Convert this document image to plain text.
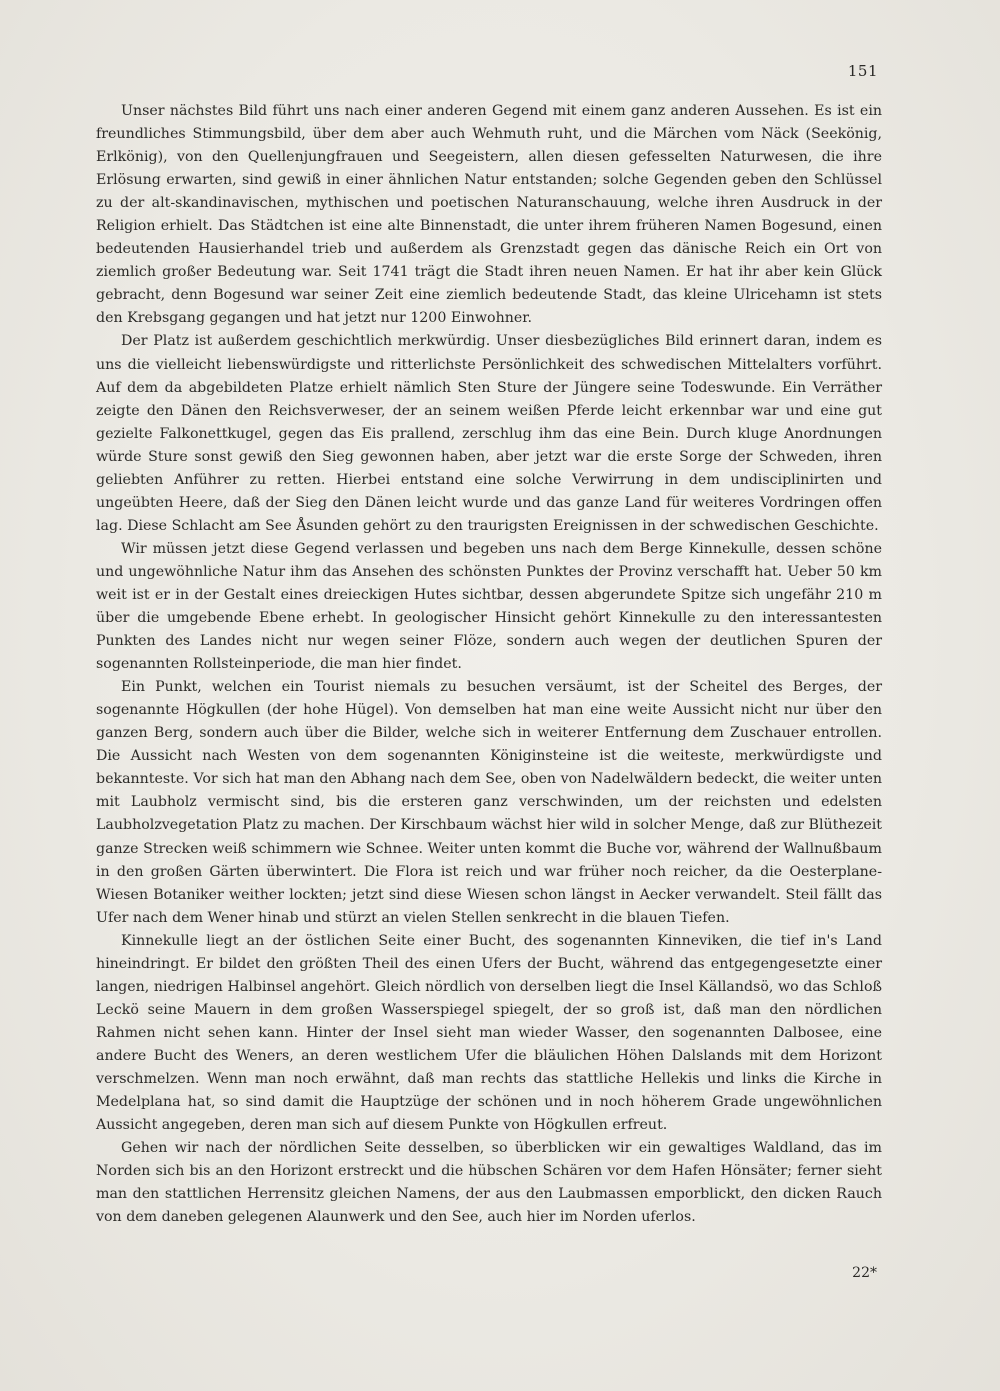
151

Unser nächstes Bild führt uns nach einer anderen Gegend mit einem ganz anderen Aussehen. Es ist ein freundliches Stimmungsbild, über dem aber auch Wehmuth ruht, und die Märchen vom Näck (Seekönig, Erlkönig), von den Quellenjungfrauen und Seegeistern, allen diesen gefesselten Naturwesen, die ihre Erlösung erwarten, sind gewiß in einer ähnlichen Natur entstanden; solche Gegenden geben den Schlüssel zu der alt-skandinavischen, mythischen und poetischen Naturanschauung, welche ihren Ausdruck in der Religion erhielt. Das Städtchen ist eine alte Binnenstadt, die unter ihrem früheren Namen Bogesund, einen bedeutenden Hausierhandel trieb und außerdem als Grenzstadt gegen das dänische Reich ein Ort von ziemlich großer Bedeutung war. Seit 1741 trägt die Stadt ihren neuen Namen. Er hat ihr aber kein Glück gebracht, denn Bogesund war seiner Zeit eine ziemlich bedeutende Stadt, das kleine Ulricehamn ist stets den Krebsgang gegangen und hat jetzt nur 1200 Einwohner.

Der Platz ist außerdem geschichtlich merkwürdig. Unser diesbezügliches Bild erinnert daran, indem es uns die vielleicht liebenswürdigste und ritterlichste Persönlichkeit des schwedischen Mittelalters vorführt. Auf dem da abgebildeten Platze erhielt nämlich Sten Sture der Jüngere seine Todeswunde. Ein Verräther zeigte den Dänen den Reichsverweser, der an seinem weißen Pferde leicht erkennbar war und eine gut gezielte Falkonettkugel, gegen das Eis prallend, zerschlug ihm das eine Bein. Durch kluge Anordnungen würde Sture sonst gewiß den Sieg gewonnen haben, aber jetzt war die erste Sorge der Schweden, ihren geliebten Anführer zu retten. Hierbei entstand eine solche Verwirrung in dem undisciplinirten und ungeübten Heere, daß der Sieg den Dänen leicht wurde und das ganze Land für weiteres Vordringen offen lag. Diese Schlacht am See Åsunden gehört zu den traurigsten Ereignissen in der schwedischen Geschichte.

Wir müssen jetzt diese Gegend verlassen und begeben uns nach dem Berge Kinnekulle, dessen schöne und ungewöhnliche Natur ihm das Ansehen des schönsten Punktes der Provinz verschafft hat. Ueber 50 km weit ist er in der Gestalt eines dreieckigen Hutes sichtbar, dessen abgerundete Spitze sich ungefähr 210 m über die umgebende Ebene erhebt. In geologischer Hinsicht gehört Kinnekulle zu den interessantesten Punkten des Landes nicht nur wegen seiner Flöze, sondern auch wegen der deutlichen Spuren der sogenannten Rollsteinperiode, die man hier findet.

Ein Punkt, welchen ein Tourist niemals zu besuchen versäumt, ist der Scheitel des Berges, der sogenannte Högkullen (der hohe Hügel). Von demselben hat man eine weite Aussicht nicht nur über den ganzen Berg, sondern auch über die Bilder, welche sich in weiterer Entfernung dem Zuschauer entrollen. Die Aussicht nach Westen von dem sogenannten Königinsteine ist die weiteste, merkwürdigste und bekannteste. Vor sich hat man den Abhang nach dem See, oben von Nadelwäldern bedeckt, die weiter unten mit Laubholz vermischt sind, bis die ersteren ganz verschwinden, um der reichsten und edelsten Laubholzvegetation Platz zu machen. Der Kirschbaum wächst hier wild in solcher Menge, daß zur Blüthezeit ganze Strecken weiß schimmern wie Schnee. Weiter unten kommt die Buche vor, während der Wallnußbaum in den großen Gärten überwintert. Die Flora ist reich und war früher noch reicher, da die Oesterplane-Wiesen Botaniker weither lockten; jetzt sind diese Wiesen schon längst in Aecker verwandelt. Steil fällt das Ufer nach dem Wener hinab und stürzt an vielen Stellen senkrecht in die blauen Tiefen.

Kinnekulle liegt an der östlichen Seite einer Bucht, des sogenannten Kinneviken, die tief in's Land hineindringt. Er bildet den größten Theil des einen Ufers der Bucht, während das entgegengesetzte einer langen, niedrigen Halbinsel angehört. Gleich nördlich von derselben liegt die Insel Källandsö, wo das Schloß Leckö seine Mauern in dem großen Wasserspiegel spiegelt, der so groß ist, daß man den nördlichen Rahmen nicht sehen kann. Hinter der Insel sieht man wieder Wasser, den sogenannten Dalbosee, eine andere Bucht des Weners, an deren westlichem Ufer die bläulichen Höhen Dalslands mit dem Horizont verschmelzen. Wenn man noch erwähnt, daß man rechts das stattliche Hellekis und links die Kirche in Medelplana hat, so sind damit die Hauptzüge der schönen und in noch höherem Grade ungewöhnlichen Aussicht angegeben, deren man sich auf diesem Punkte von Högkullen erfreut.

Gehen wir nach der nördlichen Seite desselben, so überblicken wir ein gewaltiges Waldland, das im Norden sich bis an den Horizont erstreckt und die hübschen Schären vor dem Hafen Hönsäter; ferner sieht man den stattlichen Herrensitz gleichen Namens, der aus den Laubmassen emporblickt, den dicken Rauch von dem daneben gelegenen Alaunwerk und den See, auch hier im Norden uferlos.

22*
